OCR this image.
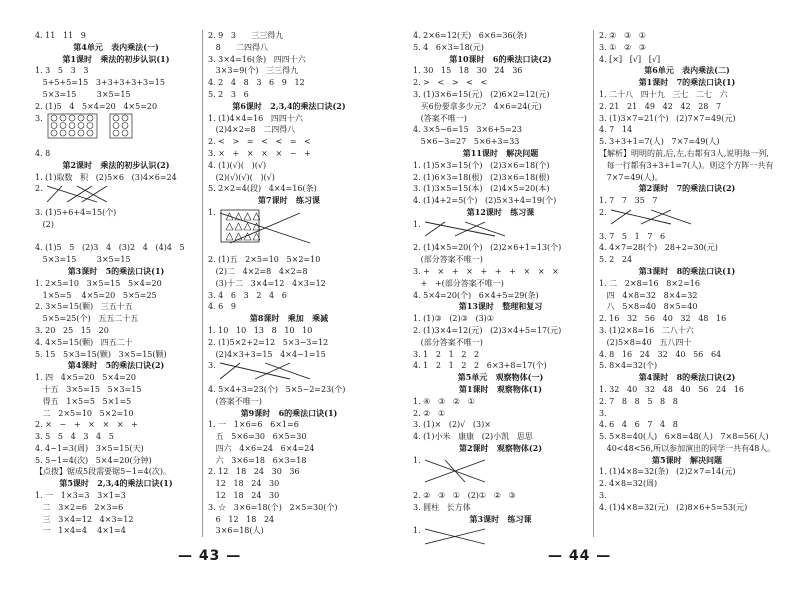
4. 11   11   9
第4单元   表内乘法(一)
第1课时   乘法的初步认识(1)
1. 3   5   3   3
5+5+5=15   3+3+3+3+3=15
5×3=15        3×5=15
2. (1)5   4   5×4=20   4×5=20
3.
4. 8
第2课时   乘法的初步认识(2)
1. (1)取数   积   (2)5×6   (3)4×6=24
2.
3. (1)5+6+4=15(个)
(2)
4. (1)5   5   (2)3   4   (3)2   4   (4)4   5
5×3=15        3×5=15
第3课时   5的乘法口诀(1)
1. 2×5=10   3×5=15   5×4=20
1×5=5    4×5=20   5×5=25
2. 3×5=15(颗)   三五十五
5×5=25(个)   五五二十五
3. 20   25   15   20
4. 4×5=15(颗)   四五二十
5. 15   5×3=15(颗)   3×5=15(颗)
第4课时   5的乘法口诀(2)
1. 四   4×5=20   5×4=20
十五   3×5=15   5×3=15
得五   1×5=5   5×1=5
二   2×5=10   5×2=10
2. ×   −   +   ×   ×   ×   +
3. 5   5   4   3   4   5
4. 4−1=3(周)   3×5=15(天)
5. 5−1=4(次)   5×4=20(分钟)
【点拨】锯成5段需要锯5−1=4(次)。
第5课时   2,3,4的乘法口诀(1)
1. 一   1×3=3   3×1=3
二   3×2=6   2×3=6
三   3×4=12   4×3=12
一   1×4=4    4×1=4
2. 9   3      三三得九
8      二四得八
3. 3×4=16(条)   四四十六
3×3=9(个)   三三得九
4. 2   4   8   3   6   9   12
5. 2   3   6
第6课时   2,3,4的乘法口诀(2)
1. (1)4×4=16   四四十六
(2)4×2=8   二四得八
2. <   >   =   <   <   =   <
3. ×   +   ×   ×   ×   −   +
4. (1)(√)(   )(√)
(2)(√)(√)(   )(√)
5. 2×2=4(段)   4×4=16(条)
第7课时   练习课
1.
2. (1)五   2×5=10   5×2=10
(2)二   4×2=8   4×2=8
(3)十二   3×4=12   4×3=12
3. 4   6   3   2   4   6
4. 6   9
第8课时   乘加   乘减
1. 10   10   13   8   10   10
2. (1)5×2+2=12   5×3−3=12
(2)4×3+3=15   4×4−1=15
3.
4. 5×4+3=23(个)   5×5−2=23(个)
(答案不唯一)
第9课时   6的乘法口诀(1)
1. 一   1×6=6   6×1=6
五   5×6=30   6×5=30
四六   4×6=24   6×4=24
六   3×6=18   6×3=18
2. 12   18   24   30   36
12   18   24   30
12   18   24   30
3. ☆   3×6=18(个)   2×5=30(个)
6   12   18   24
3×6=18(人)
4. 2×6=12(天)   6×6=36(条)
5. 4   6×3=18(元)
第10课时   6的乘法口诀(2)
1. 30   15   18   30   24   36
2. >   <   >   <   <
3. (1)3×6=15(元)   (2)6×2=12(元)
买6份要拿多少元?   4×6=24(元)
(答案不唯一)
4. 3×5−6=15   3×6+5=23
5×6−3=27   5×6+3=33
第11课时   解决问题
1. (1)5×3=15(个)   (2)3×6=18(个)
2. (1)6×3=18(根)   (2)3×6=18(根)
3. (1)3×5=15(本)   (2)4×5=20(本)
4. (1)4+2=5(个)   (2)5×3+4=19(个)
第12课时   练习课
1.
2. (1)4×5=20(个)   (2)2×6+1=13(个)
(部分答案不唯一)
3. +   ×   +   ×   +   +   +   ×   ×   ×
+   +(部分答案不唯一)
4. 5×4=20(个)   6×4+5=29(条)
第13课时   整理和复习
1. (1)③   (2)③   (3)①
2. (1)3×4=12(元)   (2)3×4+5=17(元)
(部分答案不唯一)
3. 1   2   1   2   2
4. 1   2   1   2   2   6×3+8=17(个)
第5单元   观察物体(一)
第1课时   观察物体(1)
1. ④   ③   ②   ①
2. ②   ①
3. (1)×   (2)√   (3)×
4. (1)小米   康康   (2)小凯   思思
第2课时   观察物体(2)
1.
2. ②   ③   ①   (2)①   ②   ③
3. 圆柱   长方体
第3课时   练习课
1.
2. ②   ③   ①
3. ①   ②   ③
4. [×]   [√]   [√]
第6单元   表内乘法(二)
第1课时   7的乘法口诀(1)
1. 二十八   四十九   三七   二七   六
2. 21   21   49   42   42   28   7
3. (1)3×7=21(个)   (2)7×7=49(元)
4. 7   14
5. 3+3+1=7(人)   7×7=49(人)
【解析】明明的前,后,左,右都有3人,说明每一列,
每一行都有3+3+1=7(人)。则这个方阵一共有
7×7=49(人)。
第2课时   7的乘法口诀(2)
1. 7   7   35   7
2.
3. 7   5   1   7   6
4. 4×7=28(个)   28+2=30(元)
5. 2   24
第3课时   8的乘法口诀(1)
1. 二   2×8=16   8×2=16
四   4×8=32   8×4=32
八   5×8=40   8×5=40
2. 16   32   56   40   32   48   16
3. (1)2×8=16   二八十六
(2)5×8=40   五八四十
4. 8   16   24   32   40   56   64
5. 8×4=32(个)
第4课时   8的乘法口诀(2)
1. 32   40   32   48   40   56   24   16
2. 7   8   8   5   8   8
3.
4. 6   4   6   7   4   8
5. 5×8=40(人)   6×8=48(人)   7×8=56(人)
40<48<56,所以参加演出的同学一共有48人。
第5课时   解决问题
1. (1)4×8=32(条)   (2)2×7=14(元)
2. 4×8=32(周)
3.
4. (1)4×8=32(元)   (2)8×6+5=53(元)
— 43 —	— 44 —
